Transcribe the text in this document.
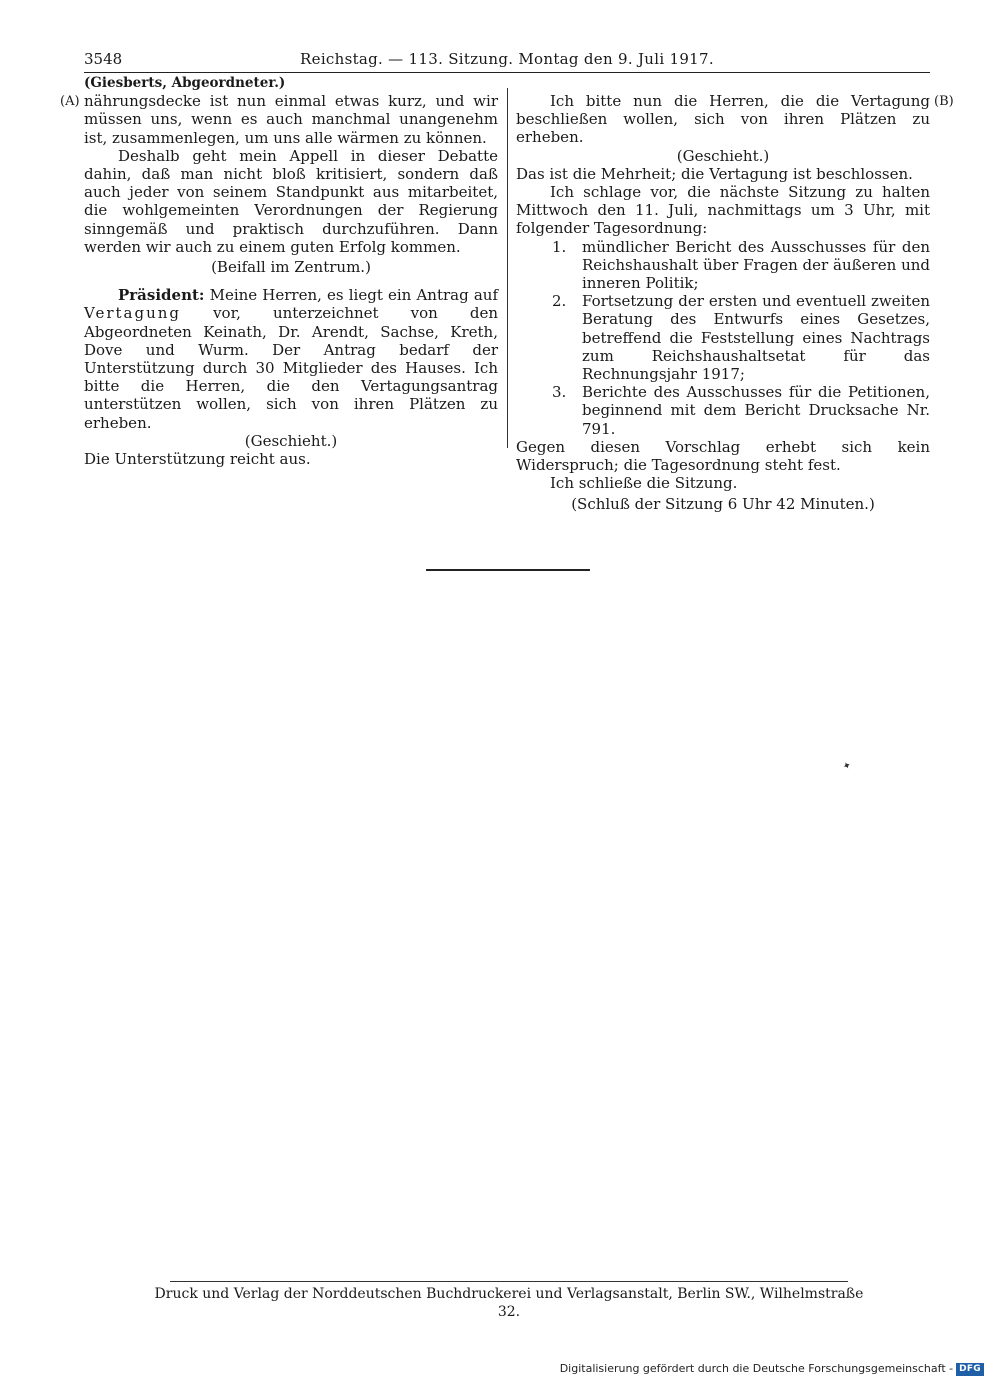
3548	Reichstag. — 113. Sitzung. Montag den 9. Juli 1917.
(A)	(B)

(Giesberts, Abgeordneter.)

nährungsdecke ist nun einmal etwas kurz, und wir müssen uns, wenn es auch manchmal unangenehm ist, zusammenlegen, um uns alle wärmen zu können.

Deshalb geht mein Appell in dieser Debatte dahin, daß man nicht bloß kritisiert, sondern daß auch jeder von seinem Standpunkt aus mitarbeitet, die wohlgemeinten Verordnungen der Regierung sinngemäß und praktisch durchzuführen. Dann werden wir auch zu einem guten Erfolg kommen.

(Beifall im Zentrum.)

Präsident: Meine Herren, es liegt ein Antrag auf Vertagung vor, unterzeichnet von den Abgeordneten Keinath, Dr. Arendt, Sachse, Kreth, Dove und Wurm. Der Antrag bedarf der Unterstützung durch 30 Mitglieder des Hauses. Ich bitte die Herren, die den Vertagungsantrag unterstützen wollen, sich von ihren Plätzen zu erheben.

(Geschieht.)

Die Unterstützung reicht aus.

Ich bitte nun die Herren, die die Vertagung beschließen wollen, sich von ihren Plätzen zu erheben.

(Geschieht.)

Das ist die Mehrheit; die Vertagung ist beschlossen.

Ich schlage vor, die nächste Sitzung zu halten Mittwoch den 11. Juli, nachmittags um 3 Uhr, mit folgender Tagesordnung:

1. mündlicher Bericht des Ausschusses für den Reichshaushalt über Fragen der äußeren und inneren Politik;
2. Fortsetzung der ersten und eventuell zweiten Beratung des Entwurfs eines Gesetzes, betreffend die Feststellung eines Nachtrags zum Reichshaushaltsetat für das Rechnungsjahr 1917;
3. Berichte des Ausschusses für die Petitionen, beginnend mit dem Bericht Drucksache Nr. 791.

Gegen diesen Vorschlag erhebt sich kein Widerspruch; die Tagesordnung steht fest.

Ich schließe die Sitzung.

(Schluß der Sitzung 6 Uhr 42 Minuten.)

✦
Druck und Verlag der Norddeutschen Buchdruckerei und Verlagsanstalt, Berlin SW., Wilhelmstraße 32.
Digitalisierung gefördert durch die Deutsche Forschungsgemeinschaft - DFG
